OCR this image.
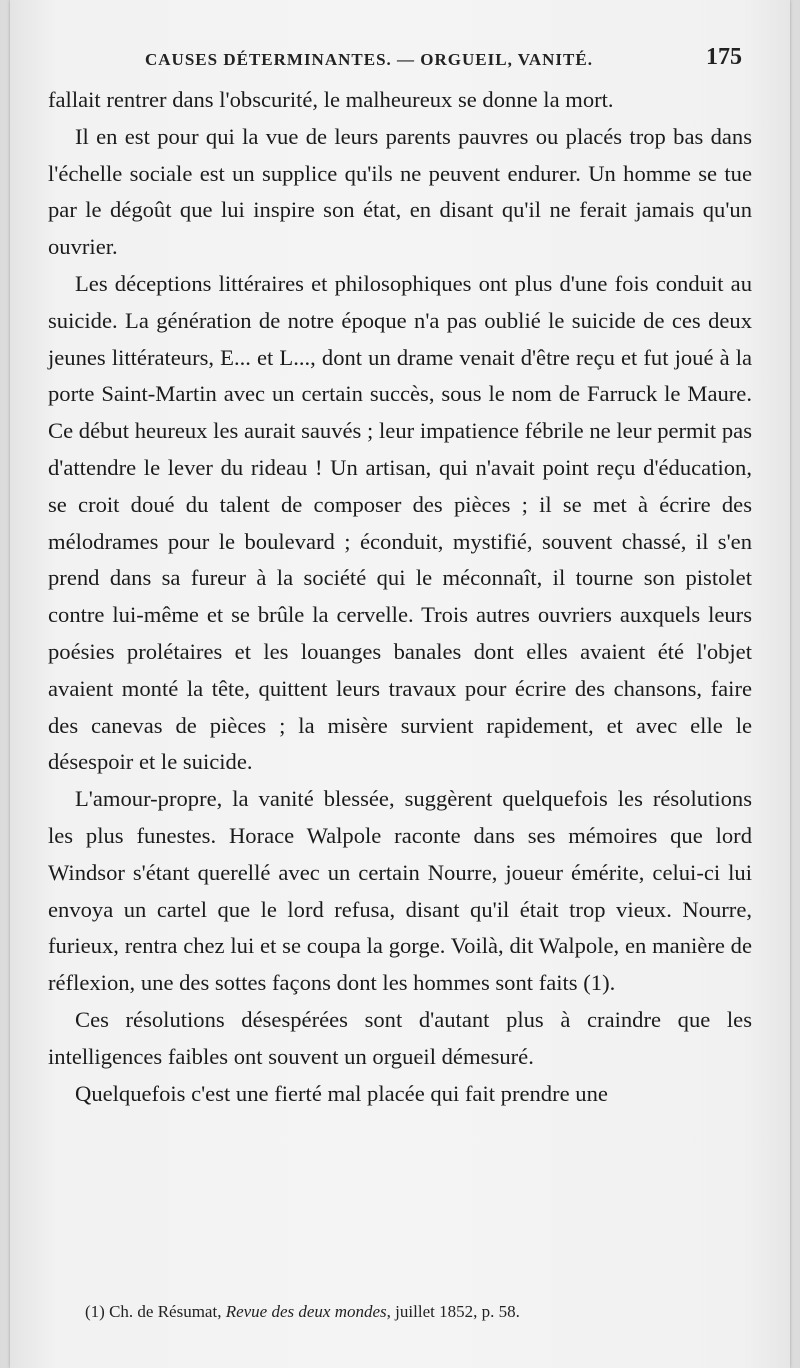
CAUSES DÉTERMINANTES. — ORGUEIL, VANITÉ.	175

fallait rentrer dans l'obscurité, le malheureux se donne la mort.

Il en est pour qui la vue de leurs parents pauvres ou placés trop bas dans l'échelle sociale est un supplice qu'ils ne peuvent endurer. Un homme se tue par le dégoût que lui inspire son état, en disant qu'il ne ferait jamais qu'un ouvrier.

Les déceptions littéraires et philosophiques ont plus d'une fois conduit au suicide. La génération de notre époque n'a pas oublié le suicide de ces deux jeunes littérateurs, E... et L..., dont un drame venait d'être reçu et fut joué à la porte Saint-Martin avec un certain succès, sous le nom de Farruck le Maure. Ce début heureux les aurait sauvés ; leur impatience fébrile ne leur permit pas d'attendre le lever du rideau ! Un artisan, qui n'avait point reçu d'éducation, se croit doué du talent de composer des pièces ; il se met à écrire des mélodrames pour le boulevard ; éconduit, mystifié, souvent chassé, il s'en prend dans sa fureur à la société qui le méconnaît, il tourne son pistolet contre lui-même et se brûle la cervelle. Trois autres ouvriers auxquels leurs poésies prolétaires et les louanges banales dont elles avaient été l'objet avaient monté la tête, quittent leurs travaux pour écrire des chansons, faire des canevas de pièces ; la misère survient rapidement, et avec elle le désespoir et le suicide.

L'amour-propre, la vanité blessée, suggèrent quelquefois les résolutions les plus funestes. Horace Walpole raconte dans ses mémoires que lord Windsor s'étant querellé avec un certain Nourre, joueur émérite, celui-ci lui envoya un cartel que le lord refusa, disant qu'il était trop vieux. Nourre, furieux, rentra chez lui et se coupa la gorge. Voilà, dit Walpole, en manière de réflexion, une des sottes façons dont les hommes sont faits (1).

Ces résolutions désespérées sont d'autant plus à craindre que les intelligences faibles ont souvent un orgueil démesuré.

Quelquefois c'est une fierté mal placée qui fait prendre une

(1) Ch. de Résumat, Revue des deux mondes, juillet 1852, p. 58.
